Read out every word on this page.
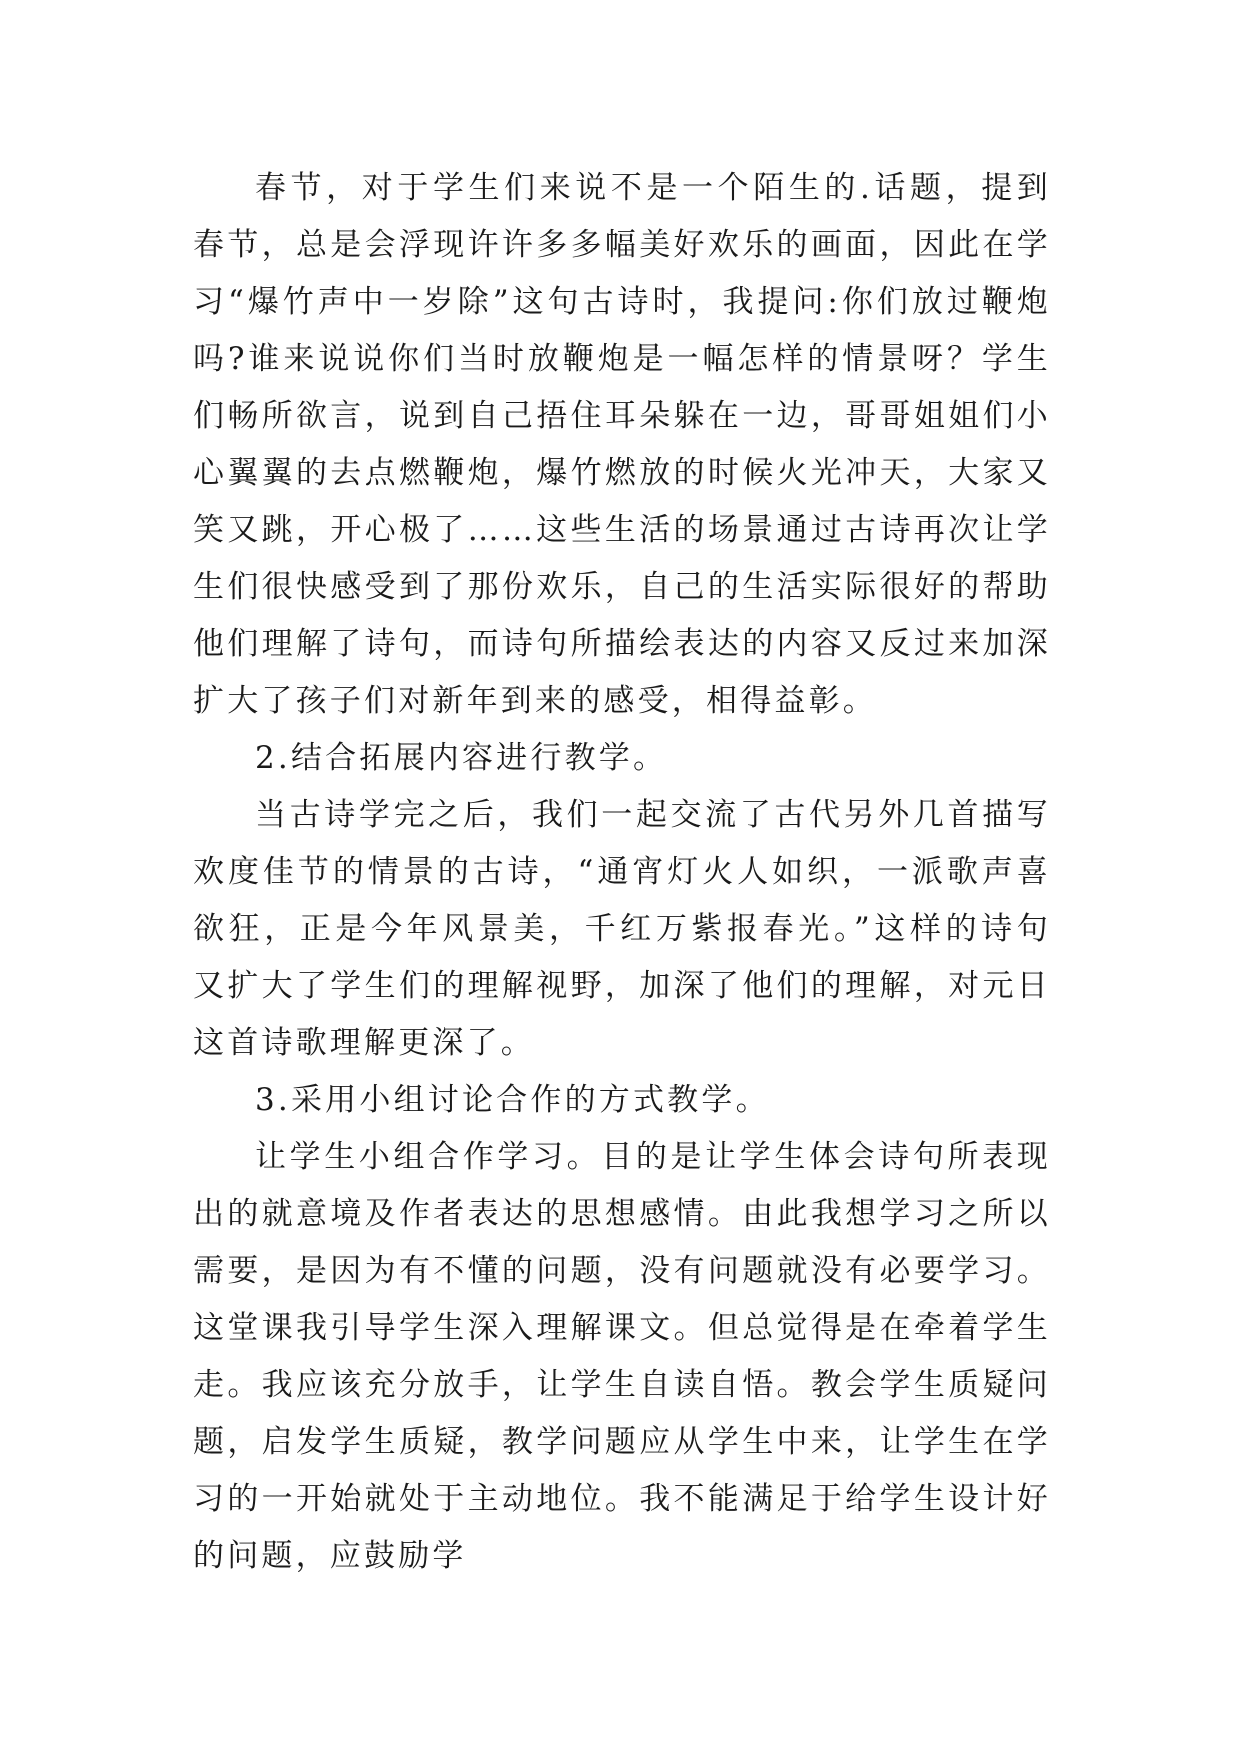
春节，对于学生们来说不是一个陌生的.话题，提到春节，总是会浮现许许多多幅美好欢乐的画面，因此在学习“爆竹声中一岁除”这句古诗时，我提问:你们放过鞭炮吗?谁来说说你们当时放鞭炮是一幅怎样的情景呀？学生们畅所欲言，说到自己捂住耳朵躲在一边，哥哥姐姐们小心翼翼的去点燃鞭炮，爆竹燃放的时候火光冲天，大家又笑又跳，开心极了……这些生活的场景通过古诗再次让学生们很快感受到了那份欢乐，自己的生活实际很好的帮助他们理解了诗句，而诗句所描绘表达的内容又反过来加深扩大了孩子们对新年到来的感受，相得益彰。

2.结合拓展内容进行教学。

当古诗学完之后，我们一起交流了古代另外几首描写欢度佳节的情景的古诗，“通宵灯火人如织，一派歌声喜欲狂，正是今年风景美，千红万紫报春光。”这样的诗句又扩大了学生们的理解视野，加深了他们的理解，对元日这首诗歌理解更深了。

3.采用小组讨论合作的方式教学。

让学生小组合作学习。目的是让学生体会诗句所表现出的就意境及作者表达的思想感情。由此我想学习之所以需要，是因为有不懂的问题，没有问题就没有必要学习。这堂课我引导学生深入理解课文。但总觉得是在牵着学生走。我应该充分放手，让学生自读自悟。教会学生质疑问题，启发学生质疑，教学问题应从学生中来，让学生在学习的一开始就处于主动地位。我不能满足于给学生设计好的问题，应鼓励学
